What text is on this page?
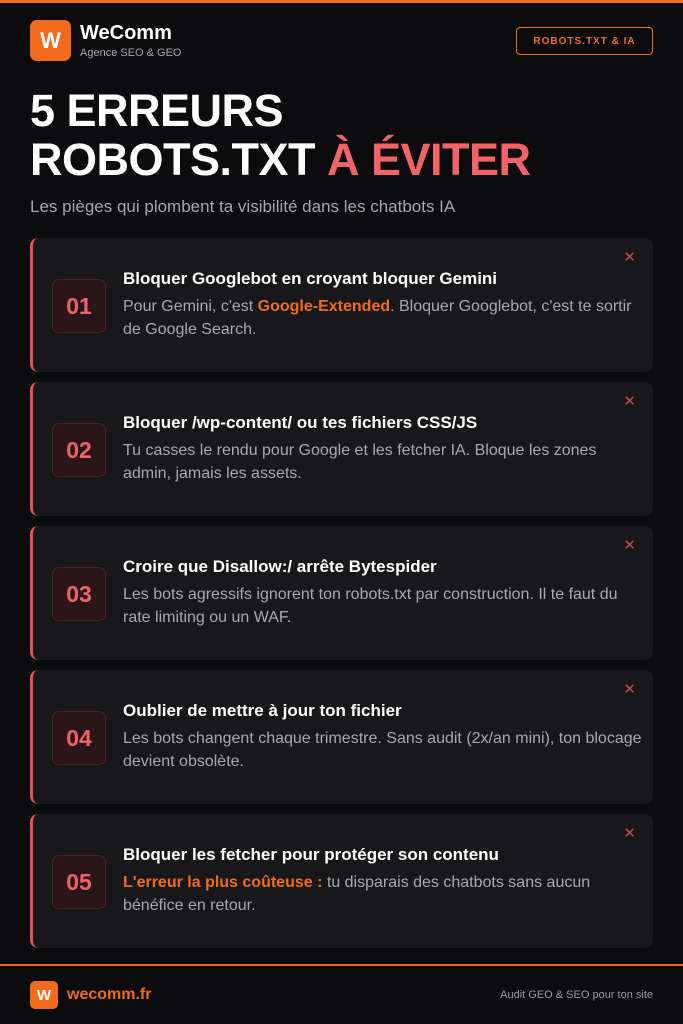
W WeComm
Agence SEO & GEO
ROBOTS.TXT & IA
5 ERREURS
ROBOTS.TXT À ÉVITER
Les pièges qui plombent ta visibilité dans les chatbots IA
01
Bloquer Googlebot en croyant bloquer Gemini
Pour Gemini, c'est Google-Extended. Bloquer Googlebot, c'est te sortir de Google Search.
✕
02
Bloquer /wp-content/ ou tes fichiers CSS/JS
Tu casses le rendu pour Google et les fetcher IA. Bloque les zones admin, jamais les assets.
✕
03
Croire que Disallow:/ arrête Bytespider
Les bots agressifs ignorent ton robots.txt par construction. Il te faut du rate limiting ou un WAF.
✕
04
Oublier de mettre à jour ton fichier
Les bots changent chaque trimestre. Sans audit (2x/an mini), ton blocage devient obsolète.
✕
05
Bloquer les fetcher pour protéger son contenu
L'erreur la plus coûteuse : tu disparais des chatbots sans aucun bénéfice en retour.
✕
W wecomm.fr	Audit GEO & SEO pour ton site
